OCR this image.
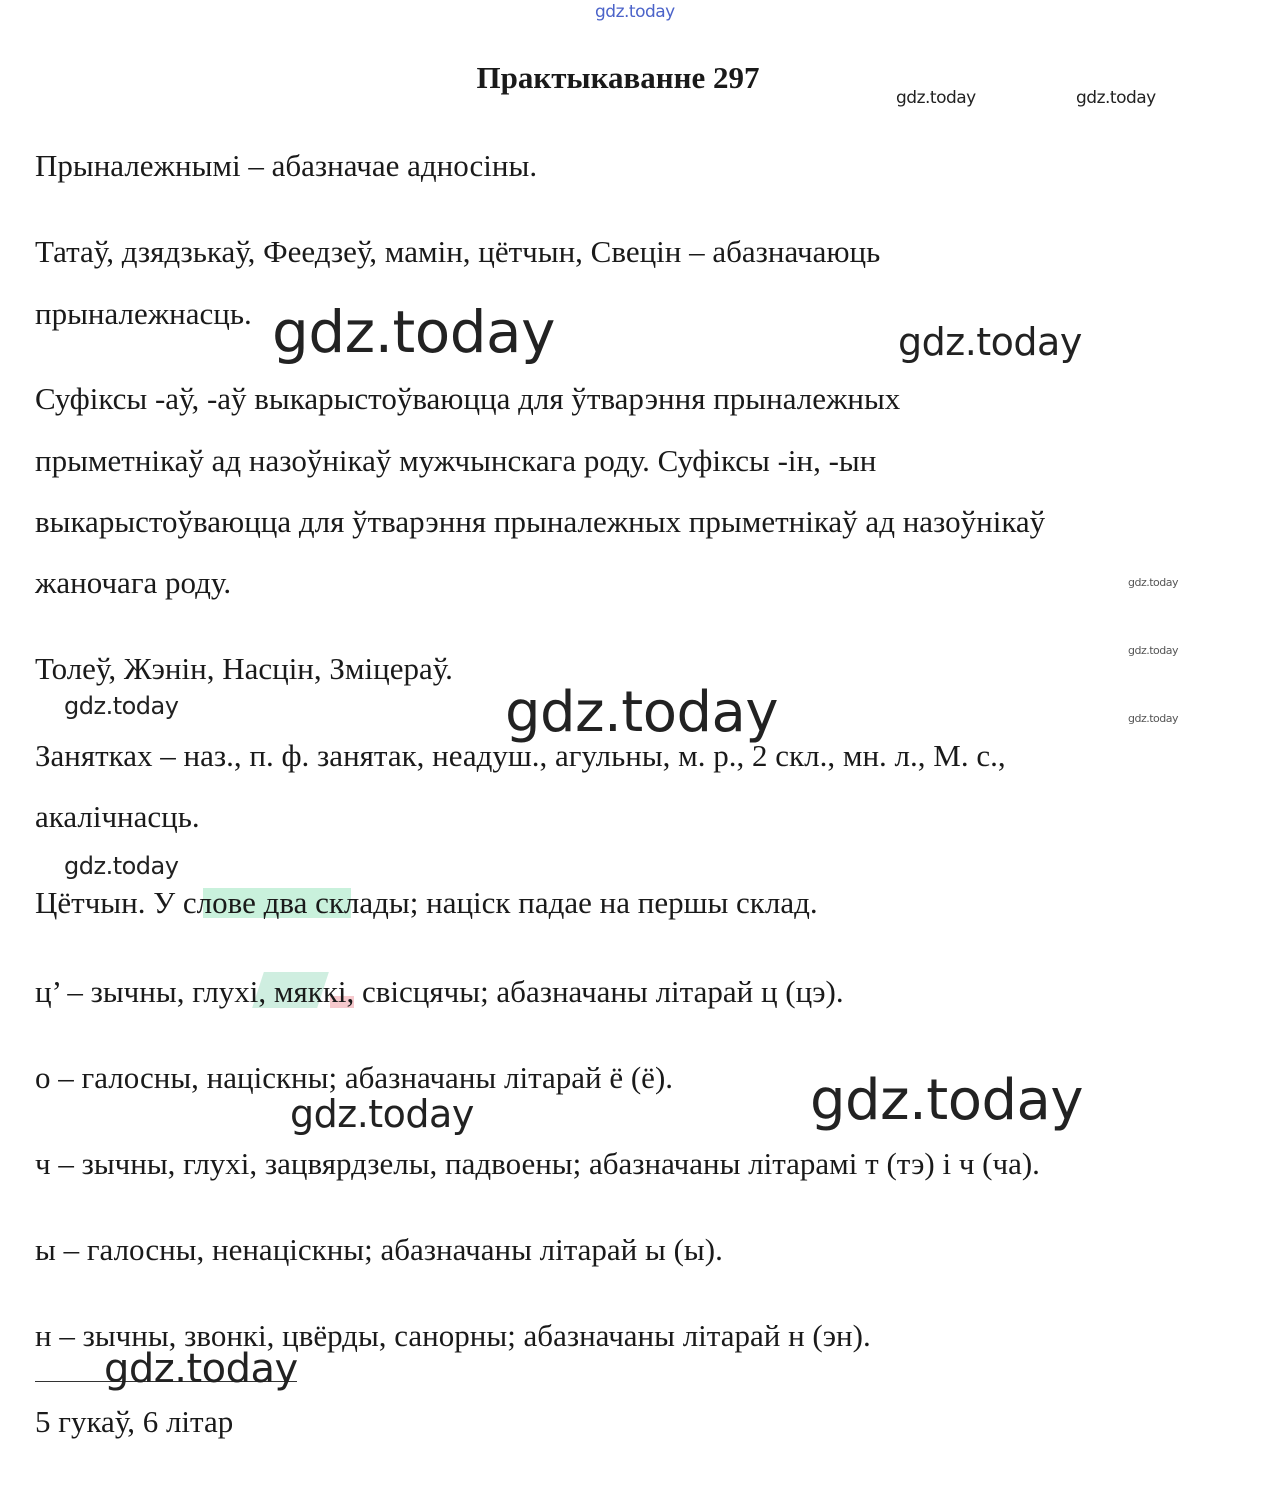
gdz.today
gdz.today	gdz.today
Практыкаванне 297
Прыналежнымі – абазначае адносіны.
Татаў, дзядзькаў, Феедзеў, мамін, цётчын, Свецін – абазначаюць
прыналежнасць.
Суфіксы -аў, -аў выкарыстоўваюцца для ўтварэння прыналежных
прыметнікаў ад назоўнікаў мужчынскага роду. Суфіксы -ін, -ын
выкарыстоўваюцца для ўтварэння прыналежных прыметнікаў ад назоўнікаў
жаночага роду.
Толеў, Жэнін, Насцін, Зміцераў.
Занятках – наз., п. ф. занятак, неадуш., агульны, м. р., 2 скл., мн. л., М. с.,
акалічнасць.
Цётчын. У слове два склады; націск падае на першы склад.
ц’ – зычны, глухі, мяккі, свісцячы; абазначаны літарай ц (цэ).
о – галосны, націскны; абазначаны літарай ё (ё).
ч – зычны, глухі, зацвярдзелы, падвоены; абазначаны літарамі т (тэ) і ч (ча).
ы – галосны, ненаціскны; абазначаны літарай ы (ы).
н – зычны, звонкі, цвёрды, санорны; абазначаны літарай н (эн).
5 гукаў, 6 літар
gdz.today	gdz.today
gdz.today
gdz.today
gdz.today
gdz.today	gdz.today
gdz.today
gdz.today	gdz.today
gdz.today
